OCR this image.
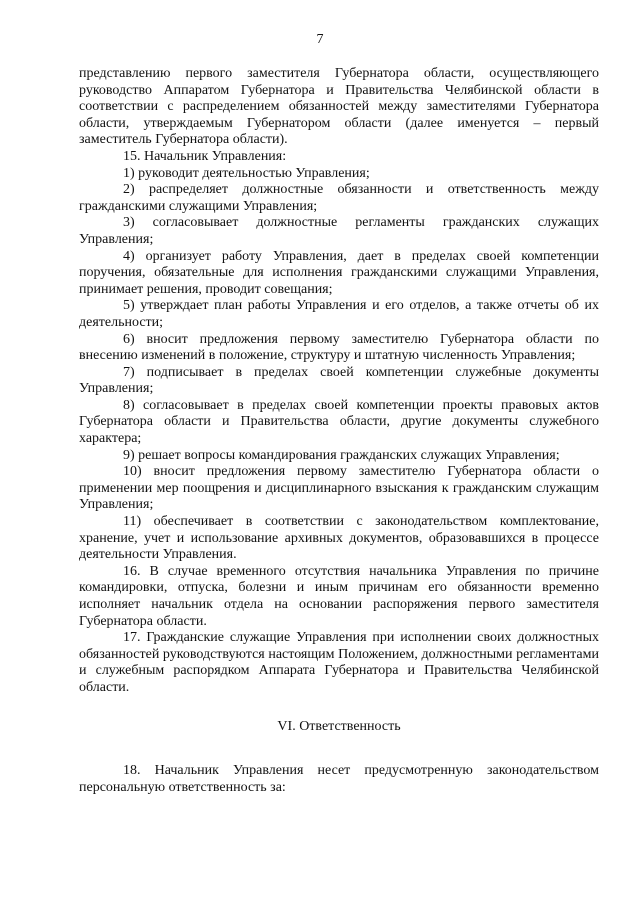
7

представлению первого заместителя Губернатора области, осуществляющего руководство Аппаратом Губернатора и Правительства Челябинской области в соответствии с распределением обязанностей между заместителями Губернатора области, утверждаемым Губернатором области (далее именуется – первый заместитель Губернатора области).

15. Начальник Управления:

1) руководит деятельностью Управления;

2) распределяет должностные обязанности и ответственность между гражданскими служащими Управления;

3) согласовывает должностные регламенты гражданских служащих Управления;

4) организует работу Управления, дает в пределах своей компетенции поручения, обязательные для исполнения гражданскими служащими Управления, принимает решения, проводит совещания;

5) утверждает план работы Управления и его отделов, а также отчеты об их деятельности;

6) вносит предложения первому заместителю Губернатора области по внесению изменений в положение, структуру и штатную численность Управления;

7) подписывает в пределах своей компетенции служебные документы Управления;

8) согласовывает в пределах своей компетенции проекты правовых актов Губернатора области и Правительства области, другие документы служебного характера;

9) решает вопросы командирования гражданских служащих Управления;

10) вносит предложения первому заместителю Губернатора области о применении мер поощрения и дисциплинарного взыскания к гражданским служащим Управления;

11) обеспечивает в соответствии с законодательством комплектование, хранение, учет и использование архивных документов, образовавшихся в процессе деятельности Управления.

16. В случае временного отсутствия начальника Управления по причине командировки, отпуска, болезни и иным причинам его обязанности временно исполняет начальник отдела на основании распоряжения первого заместителя Губернатора области.

17. Гражданские служащие Управления при исполнении своих должностных обязанностей руководствуются настоящим Положением, должностными регламентами и служебным распорядком Аппарата Губернатора и Правительства Челябинской области.

VI. Ответственность

18. Начальник Управления несет предусмотренную законодательством персональную ответственность за:
